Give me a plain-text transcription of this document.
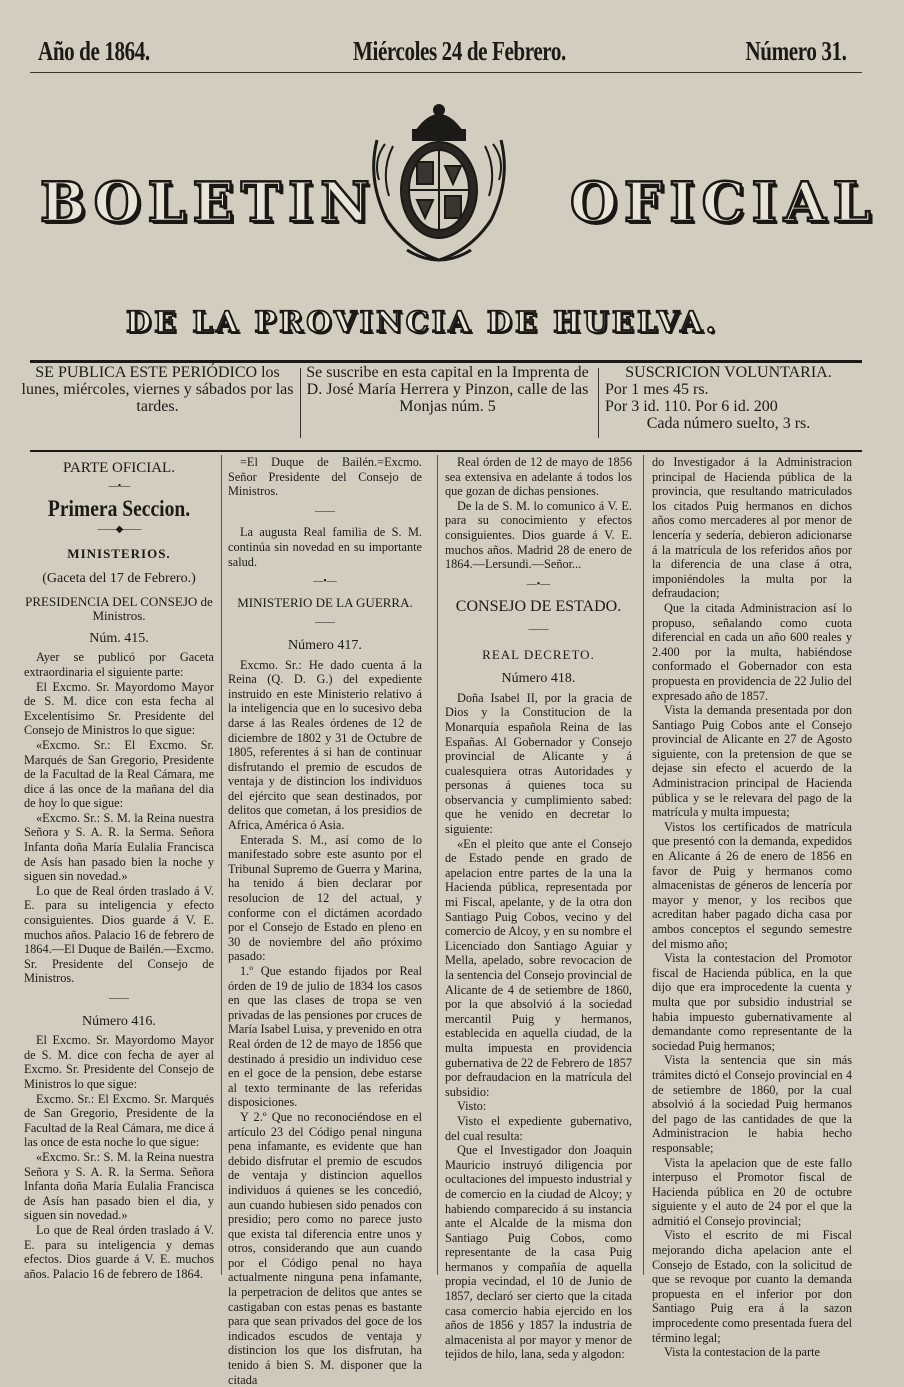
Año de 1864.	Miércoles 24 de Febrero.	Número 31.
BOLETIN	OFICIAL
DE LA PROVINCIA DE HUELVA.
SE PUBLICA ESTE PERIÓDICO los lunes, miércoles, viernes y sábados por las tardes.
Se suscribe en esta capital en la Imprenta de D. José María Herrera y Pinzon, calle de las Monjas núm. 5
SUSCRICION VOLUNTARIA.
Por 1 mes 45 rs.
Por 3 id. 110. Por 6 id. 200
Cada número suelto, 3 rs.
PARTE OFICIAL.
—•—
Primera Seccion.
——◆——
MINISTERIOS.
(Gaceta del 17 de Febrero.)
PRESIDENCIA DEL CONSEJO de Ministros.
Núm. 415.

Ayer se publicó por Gaceta extraordinaria el siguiente parte:

El Excmo. Sr. Mayordomo Mayor de S. M. dice con esta fecha al Excelentísimo Sr. Presidente del Consejo de Ministros lo que sigue:

«Excmo. Sr.: El Excmo. Sr. Marqués de San Gregorio, Presidente de la Facultad de la Real Cámara, me dice á las once de la mañana del dia de hoy lo que sigue:

«Excmo. Sr.: S. M. la Reina nuestra Señora y S. A. R. la Serma. Señora Infanta doña María Eulalia Francisca de Asís han pasado bien la noche y siguen sin novedad.»

Lo que de Real órden traslado á V. E. para su inteligencia y efecto consiguientes. Dios guarde á V. E. muchos años. Palacio 16 de febrero de 1864.—El Duque de Bailén.—Excmo. Sr. Presidente del Consejo de Ministros.

——
Número 416.

El Excmo. Sr. Mayordomo Mayor de S. M. dice con fecha de ayer al Excmo. Sr. Presidente del Consejo de Ministros lo que sigue:

Excmo. Sr.: El Excmo. Sr. Marqués de San Gregorio, Presidente de la Facultad de la Real Cámara, me dice á las once de esta noche lo que sigue:

«Excmo. Sr.: S. M. la Reina nuestra Señora y S. A. R. la Serma. Señora Infanta doña María Eulalia Francisca de Asís han pasado bien el dia, y siguen sin novedad.»

Lo que de Real órden traslado á V. E. para su inteligencia y demas efectos. Dios guarde á V. E. muchos años. Palacio 16 de febrero de 1864.

=El Duque de Bailén.=Excmo. Señor Presidente del Consejo de Ministros.

——

La augusta Real familia de S. M. continúa sin novedad en su importante salud.

—•—
MINISTERIO DE LA GUERRA.
——
Número 417.

Excmo. Sr.: He dado cuenta á la Reina (Q. D. G.) del expediente instruido en este Ministerio relativo á la inteligencia que en lo sucesivo deba darse á las Reales órdenes de 12 de diciembre de 1802 y 31 de Octubre de 1805, referentes á si han de continuar disfrutando el premio de escudos de ventaja y de distincion los individuos del ejército que sean destinados, por delitos que cometan, á los presidios de Africa, América ó Asia.

Enterada S. M., así como de lo manifestado sobre este asunto por el Tribunal Supremo de Guerra y Marina, ha tenido á bien declarar por resolucion de 12 del actual, y conforme con el dictámen acordado por el Consejo de Estado en pleno en 30 de noviembre del año próximo pasado:

1.º Que estando fijados por Real órden de 19 de julio de 1834 los casos en que las clases de tropa se ven privadas de las pensiones por cruces de María Isabel Luisa, y prevenido en otra Real órden de 12 de mayo de 1856 que destinado á presidio un individuo cese en el goce de la pension, debe estarse al texto terminante de las referidas disposiciones.

Y 2.º Que no reconociéndose en el artículo 23 del Código penal ninguna pena infamante, es evidente que han debido disfrutar el premio de escudos de ventaja y distincion aquellos individuos á quienes se les concedió, aun cuando hubiesen sido penados con presidio; pero como no parece justo que exista tal diferencia entre unos y otros, considerando que aun cuando por el Código penal no haya actualmente ninguna pena infamante, la perpetracion de delitos que antes se castigaban con estas penas es bastante para que sean privados del goce de los indicados escudos de ventaja y distincion los que los disfrutan, ha tenido á bien S. M. disponer que la citada

Real órden de 12 de mayo de 1856 sea extensiva en adelante á todos los que gozan de dichas pensiones.

De la de S. M. lo comunico á V. E. para su conocimiento y efectos consiguientes. Dios guarde á V. E. muchos años. Madrid 28 de enero de 1864.—Lersundi.—Señor...

—•—
CONSEJO DE ESTADO.
——
REAL DECRETO.
Número 418.

Doña Isabel II, por la gracia de Dios y la Constitucion de la Monarquía española Reina de las Españas. Al Gobernador y Consejo provincial de Alicante y á cualesquiera otras Autoridades y personas á quienes toca su observancia y cumplimiento sabed: que he venido en decretar lo siguiente:

«En el pleito que ante el Consejo de Estado pende en grado de apelacion entre partes de la una la Hacienda pública, representada por mi Fiscal, apelante, y de la otra don Santiago Puig Cobos, vecino y del comercio de Alcoy, y en su nombre el Licenciado don Santiago Aguiar y Mella, apelado, sobre revocacion de la sentencia del Consejo provincial de Alicante de 4 de setiembre de 1860, por la que absolvió á la sociedad mercantil Puig y hermanos, establecida en aquella ciudad, de la multa impuesta en providencia gubernativa de 22 de Febrero de 1857 por defraudacion en la matrícula del subsidio:

Visto:

Visto el expediente gubernativo, del cual resulta:

Que el Investigador don Joaquin Mauricio instruyó diligencia por ocultaciones del impuesto industrial y de comercio en la ciudad de Alcoy; y habiendo comparecido á su instancia ante el Alcalde de la misma don Santiago Puig Cobos, como representante de la casa Puig hermanos y compañía de aquella propia vecindad, el 10 de Junio de 1857, declaró ser cierto que la citada casa comercio habia ejercido en los años de 1856 y 1857 la industria de almacenista al por mayor y menor de tejidos de hilo, lana, seda y algodon:

do Investigador á la Administracion principal de Hacienda pública de la provincia, que resultando matriculados los citados Puig hermanos en dichos años como mercaderes al por menor de lencería y sedería, debieron adicionarse á la matrícula de los referidos años por la diferencia de una clase á otra, imponiéndoles la multa por la defraudacion;

Que la citada Administracion así lo propuso, señalando como cuota diferencial en cada un año 600 reales y 2.400 por la multa, habiéndose conformado el Gobernador con esta propuesta en providencia de 22 Julio del expresado año de 1857.

Vista la demanda presentada por don Santiago Puig Cobos ante el Consejo provincial de Alicante en 27 de Agosto siguiente, con la pretension de que se dejase sin efecto el acuerdo de la Administracion principal de Hacienda pública y se le relevara del pago de la matrícula y multa impuesta;

Vistos los certificados de matrícula que presentó con la demanda, expedidos en Alicante á 26 de enero de 1856 en favor de Puig y hermanos como almacenistas de géneros de lencería por mayor y menor, y los recibos que acreditan haber pagado dicha casa por ambos conceptos el segundo semestre del mismo año;

Vista la contestacion del Promotor fiscal de Hacienda pública, en la que dijo que era improcedente la cuenta y multa que por subsidio industrial se habia impuesto gubernativamente al demandante como representante de la sociedad Puig hermanos;

Vista la sentencia que sin más trámites dictó el Consejo provincial en 4 de setiembre de 1860, por la cual absolvió á la sociedad Puig hermanos del pago de las cantidades de que la Administracion le habia hecho responsable;

Vista la apelacion que de este fallo interpuso el Promotor fiscal de Hacienda pública en 20 de octubre siguiente y el auto de 24 por el que la admitió el Consejo provincial;

Visto el escrito de mi Fiscal mejorando dicha apelacion ante el Consejo de Estado, con la solicitud de que se revoque por cuanto la demanda propuesta en el inferior por don Santiago Puig era á la sazon improcedente como presentada fuera del término legal;

Vista la contestacion de la parte
